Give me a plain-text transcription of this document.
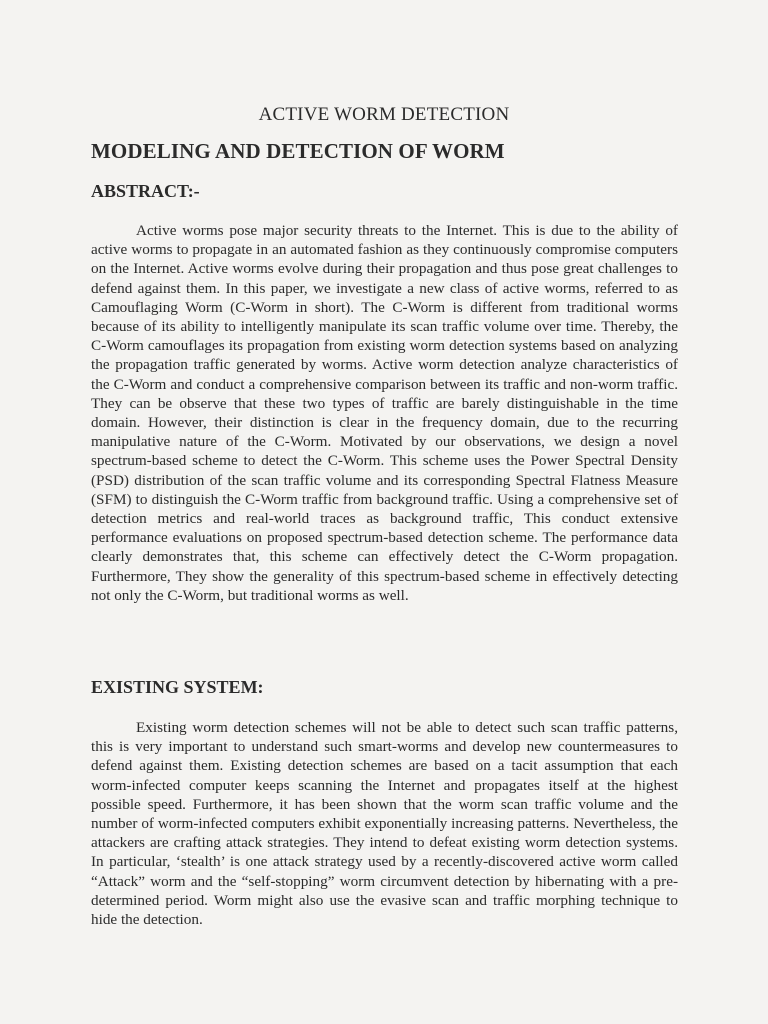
ACTIVE WORM DETECTION
MODELING AND DETECTION OF WORM
ABSTRACT:-

Active worms pose major security threats to the Internet. This is due to the ability of active worms to propagate in an automated fashion as they continuously compromise computers on the Internet. Active worms evolve during their propagation and thus pose great challenges to defend against them. In this paper, we investigate a new class of active worms, referred to as Camouflaging Worm (C-Worm in short). The C-Worm is different from traditional worms because of its ability to intelligently manipulate its scan traffic volume over time. Thereby, the C-Worm camouflages its propagation from existing worm detection systems based on analyzing the propagation traffic generated by worms. Active worm detection analyze characteristics of the C-Worm and conduct a comprehensive comparison between its traffic and non-worm traffic. They can be observe that these two types of traffic are barely distinguishable in the time domain. However, their distinction is clear in the frequency domain, due to the recurring manipulative nature of the C-Worm. Motivated by our observations, we design a novel spectrum-based scheme to detect the C-Worm. This scheme uses the Power Spectral Density (PSD) distribution of the scan traffic volume and its corresponding Spectral Flatness Measure (SFM) to distinguish the C-Worm traffic from background traffic. Using a comprehensive set of detection metrics and real-world traces as background traffic, This conduct extensive performance evaluations on proposed spectrum-based detection scheme. The performance data clearly demonstrates that, this scheme can effectively detect the C-Worm propagation. Furthermore, They show the generality of this spectrum-based scheme in effectively detecting not only the C-Worm, but traditional worms as well.

EXISTING SYSTEM:

Existing worm detection schemes will not be able to detect such scan traffic patterns, this is very important to understand such smart-worms and develop new countermeasures to defend against them. Existing detection schemes are based on a tacit assumption that each worm-infected computer keeps scanning the Internet and propagates itself at the highest possible speed. Furthermore, it has been shown that the worm scan traffic volume and the number of worm-infected computers exhibit exponentially increasing patterns. Nevertheless, the attackers are crafting attack strategies. They intend to defeat existing worm detection systems. In particular, ‘stealth’ is one attack strategy used by a recently-discovered active worm called “Attack” worm and the “self-stopping” worm circumvent detection by hibernating with a pre-determined period. Worm might also use the evasive scan and traffic morphing technique to hide the detection.
